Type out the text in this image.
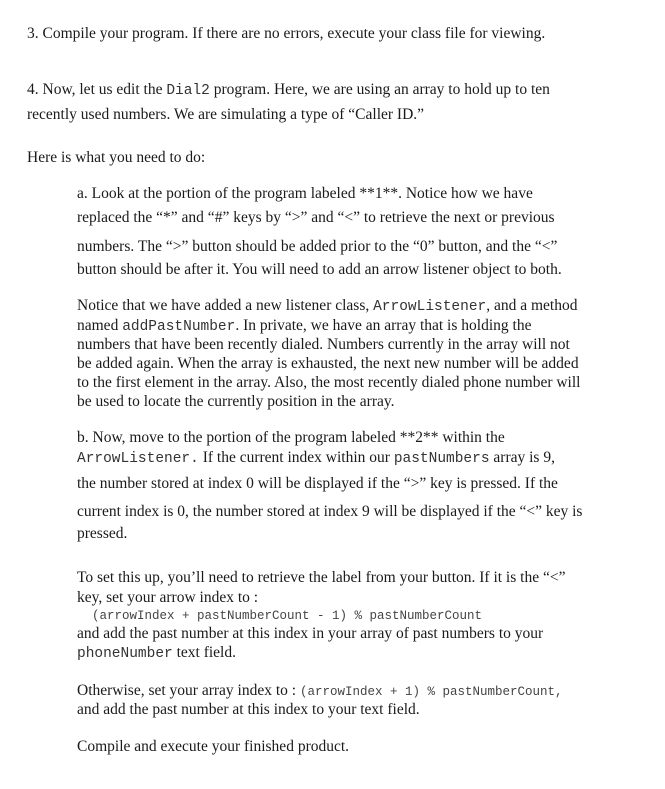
3. Compile your program. If there are no errors, execute your class file for viewing.
4. Now, let us edit the Dial2 program. Here, we are using an array to hold up to ten
recently used numbers. We are simulating a type of “Caller ID.”
Here is what you need to do:
a. Look at the portion of the program labeled **1**. Notice how we have
replaced the “*” and “#” keys by “>” and “<” to retrieve the next or previous
numbers. The “>” button should be added prior to the “0” button, and the “<”
button should be after it. You will need to add an arrow listener object to both.
Notice that we have added a new listener class, ArrowListener, and a method
named addPastNumber. In private, we have an array that is holding the
numbers that have been recently dialed. Numbers currently in the array will not
be added again. When the array is exhausted, the next new number will be added
to the first element in the array. Also, the most recently dialed phone number will
be used to locate the currently position in the array.
b. Now, move to the portion of the program labeled **2** within the
ArrowListener. If the current index within our pastNumbers array is 9,
the number stored at index 0 will be displayed if the “>” key is pressed. If the
current index is 0, the number stored at index 9 will be displayed if the “<” key is
pressed.
To set this up, you’ll need to retrieve the label from your button. If it is the “<”
key, set your arrow index to :
(arrowIndex + pastNumberCount - 1) % pastNumberCount
and add the past number at this index in your array of past numbers to your
phoneNumber text field.
Otherwise, set your array index to : (arrowIndex + 1) % pastNumberCount,
and add the past number at this index to your text field.
Compile and execute your finished product.
